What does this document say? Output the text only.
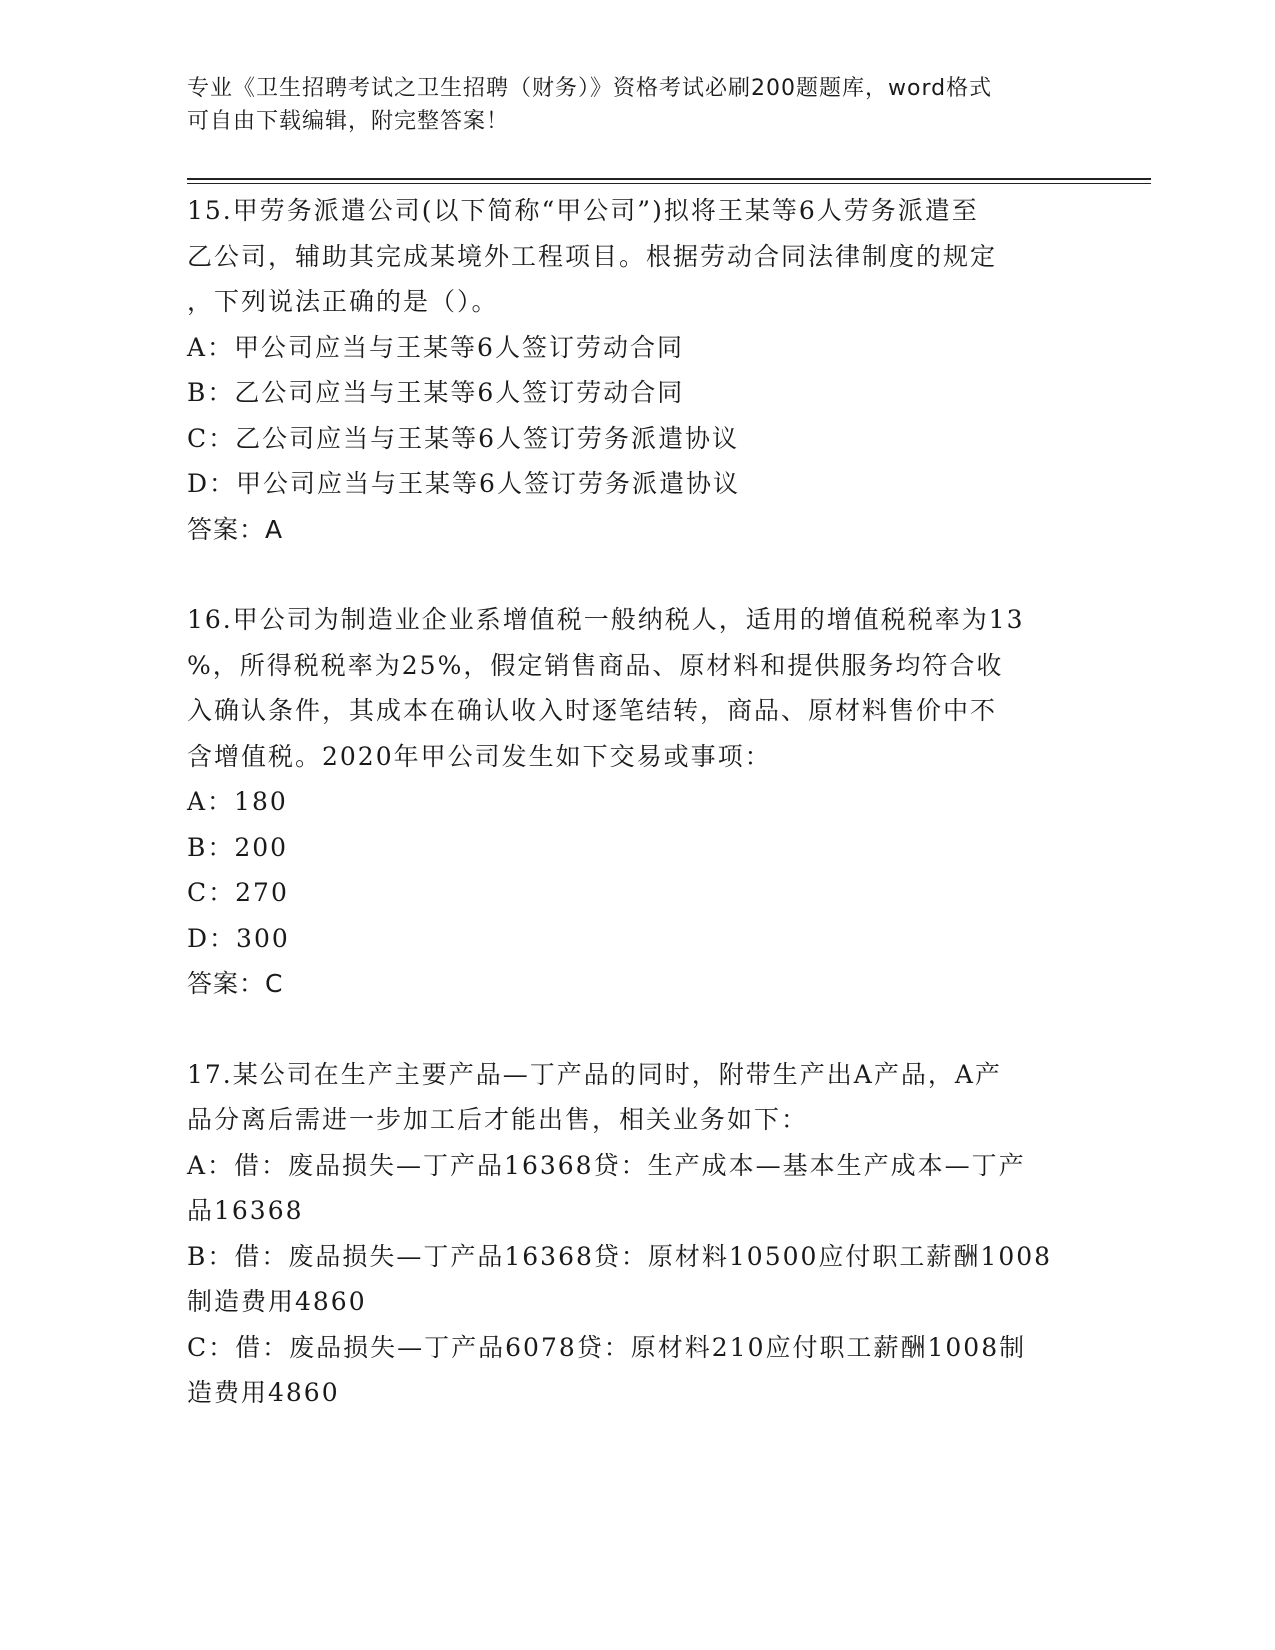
专业《卫生招聘考试之卫生招聘（财务）》资格考试必刷200题题库，word格式
可自由下载编辑，附完整答案！
15.甲劳务派遣公司(以下简称“甲公司”)拟将王某等6人劳务派遣至
乙公司，辅助其完成某境外工程项目。根据劳动合同法律制度的规定
，下列说法正确的是（）。
A：甲公司应当与王某等6人签订劳动合同
B：乙公司应当与王某等6人签订劳动合同
C：乙公司应当与王某等6人签订劳务派遣协议
D：甲公司应当与王某等6人签订劳务派遣协议
答案：A
16.甲公司为制造业企业系增值税一般纳税人，适用的增值税税率为13
%，所得税税率为25%，假定销售商品、原材料和提供服务均符合收
入确认条件，其成本在确认收入时逐笔结转，商品、原材料售价中不
含增值税。2020年甲公司发生如下交易或事项：
A：180
B：200
C：270
D：300
答案：C
17.某公司在生产主要产品—丁产品的同时，附带生产出A产品，A产
品分离后需进一步加工后才能出售，相关业务如下：
A：借：废品损失—丁产品16368贷：生产成本—基本生产成本—丁产
品16368
B：借：废品损失—丁产品16368贷：原材料10500应付职工薪酬1008
制造费用4860
C：借：废品损失—丁产品6078贷：原材料210应付职工薪酬1008制
造费用4860
